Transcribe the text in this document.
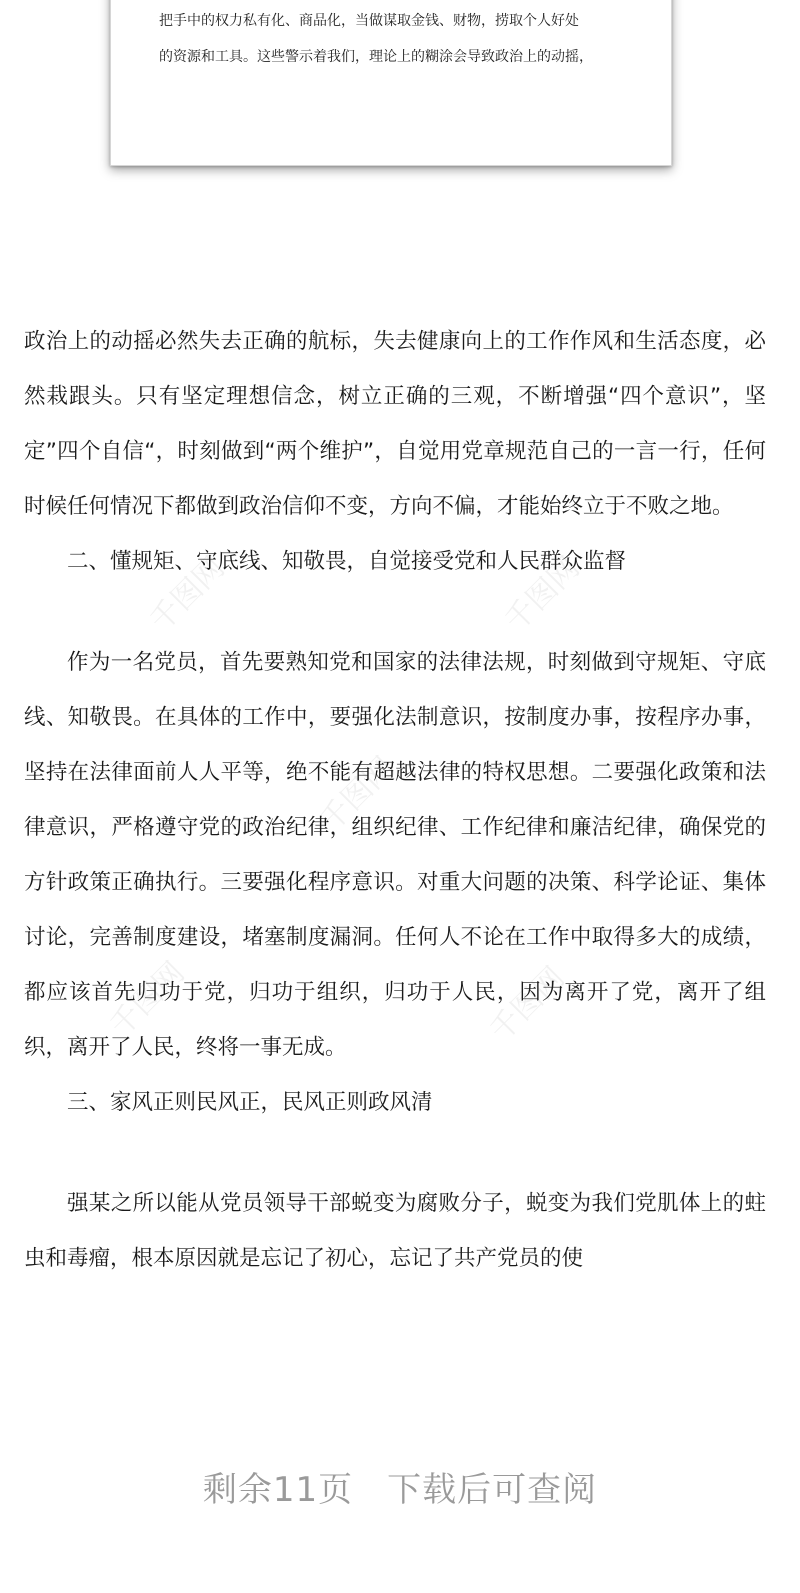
把手中的权力私有化、商品化，当做谋取金钱、财物，捞取个人好处
的资源和工具。这些警示着我们，理论上的糊涂会导致政治上的动摇，
千图网	千图网
千图网
千图网	千图网

政治上的动摇必然失去正确的航标，失去健康向上的工作作风和生活态度，必然栽跟头。只有坚定理想信念，树立正确的三观，不断增强“四个意识”，坚定”四个自信“，时刻做到“两个维护”，自觉用党章规范自己的一言一行，任何时候任何情况下都做到政治信仰不变，方向不偏，才能始终立于不败之地。

二、懂规矩、守底线、知敬畏，自觉接受党和人民群众监督

作为一名党员，首先要熟知党和国家的法律法规，时刻做到守规矩、守底线、知敬畏。在具体的工作中，要强化法制意识，按制度办事，按程序办事，坚持在法律面前人人平等，绝不能有超越法律的特权思想。二要强化政策和法律意识，严格遵守党的政治纪律，组织纪律、工作纪律和廉洁纪律，确保党的方针政策正确执行。三要强化程序意识。对重大问题的决策、科学论证、集体讨论，完善制度建设，堵塞制度漏洞。任何人不论在工作中取得多大的成绩，都应该首先归功于党，归功于组织，归功于人民，因为离开了党，离开了组织，离开了人民，终将一事无成。

三、家风正则民风正，民风正则政风清

强某之所以能从党员领导干部蜕变为腐败分子，蜕变为我们党肌体上的蛀虫和毒瘤，根本原因就是忘记了初心，忘记了共产党员的使

剩余11页 下载后可查阅
